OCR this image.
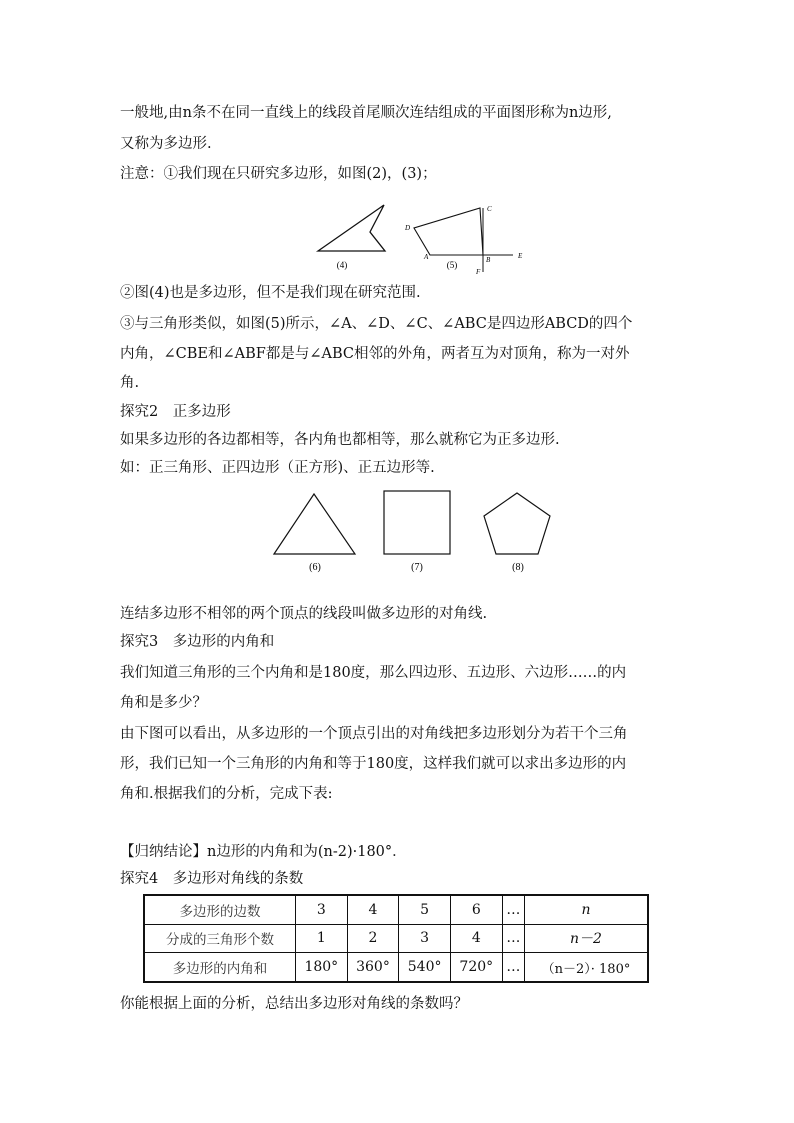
一般地,由n条不在同一直线上的线段首尾顺次连结组成的平面图形称为n边形,
又称为多边形.
注意：①我们现在只研究多边形，如图(2)，(3)；
(4)
A	B
C
D
E
F
(5)
②图(4)也是多边形，但不是我们现在研究范围.
③与三角形类似，如图(5)所示，∠A、∠D、∠C、∠ABC是四边形ABCD的四个
内角，∠CBE和∠ABF都是与∠ABC相邻的外角，两者互为对顶角，称为一对外
角.
探究2　正多边形
如果多边形的各边都相等，各内角也都相等，那么就称它为正多边形.
如：正三角形、正四边形（正方形)、正五边形等.
(6)	(7)	(8)
连结多边形不相邻的两个顶点的线段叫做多边形的对角线.
探究3　多边形的内角和
我们知道三角形的三个内角和是180度，那么四边形、五边形、六边形……的内
角和是多少？
由下图可以看出，从多边形的一个顶点引出的对角线把多边形划分为若干个三角
形，我们已知一个三角形的内角和等于180度，这样我们就可以求出多边形的内
角和.根据我们的分析，完成下表:
【归纳结论】n边形的内角和为(n-2)·180°．
探究4　多边形对角线的条数
多边形的边数	3	4	5	6	…	n
分成的三角形个数	1	2	3	4	…	n－2
多边形的内角和	180°	360°	540°	720°	…	（n－2）· 180°
你能根据上面的分析，总结出多边形对角线的条数吗？
